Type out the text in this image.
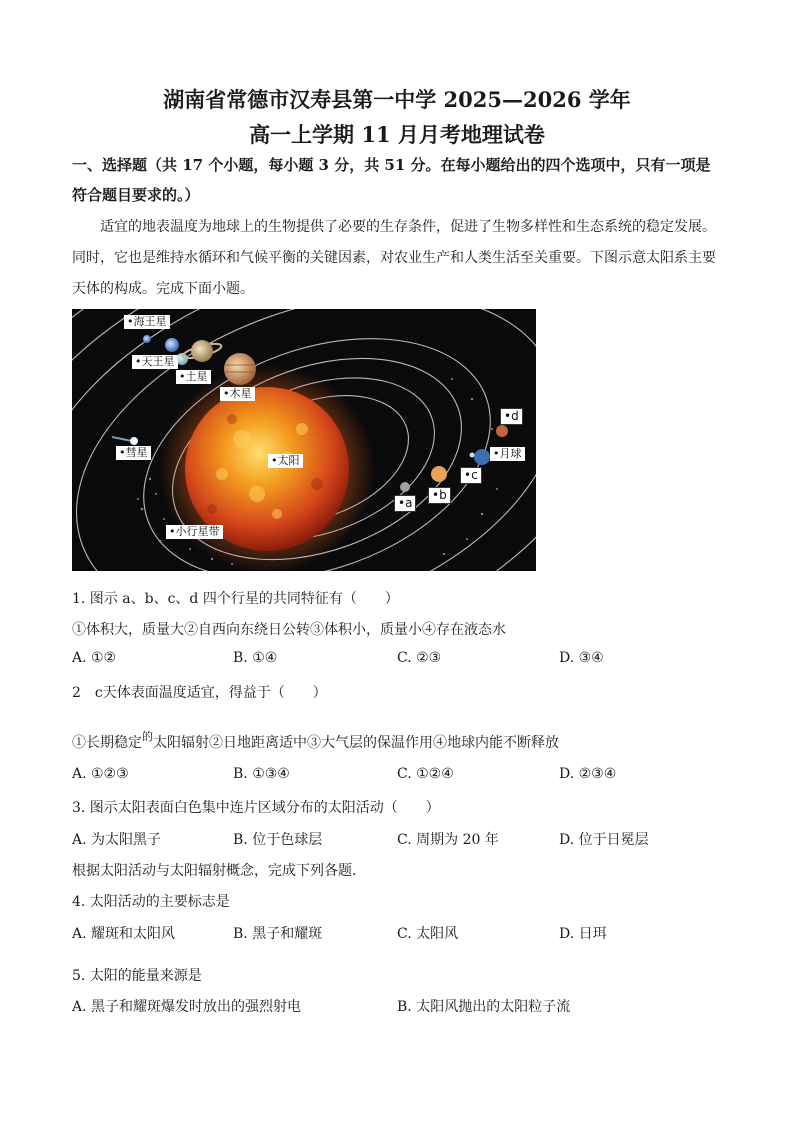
湖南省常德市汉寿县第一中学 2025—2026 学年
高一上学期 11 月月考地理试卷
一、选择题（共 17 个小题，每小题 3 分，共 51 分。在每小题给出的四个选项中，只有一项是符合题目要求的。）
适宜的地表温度为地球上的生物提供了必要的生存条件，促进了生物多样性和生态系统的稳定发展。同时，它也是维持水循环和气候平衡的关键因素，对农业生产和人类生活至关重要。下图示意太阳系主要天体的构成。完成下面小题。
•海王星
•天王星
•土星
•木星
•彗星
•太阳
•小行星带
•a
•b
•c
•d
•月球
1. 图示 a、b、c、d 四个行星的共同特征有（　　）
①体积大，质量大②自西向东绕日公转③体积小，质量小④存在液态水
A. ①②	B. ①④	C. ②③	D. ③④
2　c天体表面温度适宜，得益于（　　）
①长期稳定$^的$太阳辐射②日地距离适中③大气层的保温作用④地球内能不断释放
A. ①②③	B. ①③④	C. ①②④	D. ②③④
3. 图示太阳表面白色集中连片区域分布的太阳活动（　　）
A. 为太阳黑子	B. 位于色球层	C. 周期为 20 年	D. 位于日冕层
根据太阳活动与太阳辐射概念，完成下列各题．
4. 太阳活动的主要标志是
A. 耀斑和太阳风	B. 黑子和耀斑	C. 太阳风	D. 日珥
5. 太阳的能量来源是
A. 黑子和耀斑爆发时放出的强烈射电	B. 太阳风抛出的太阳粒子流
